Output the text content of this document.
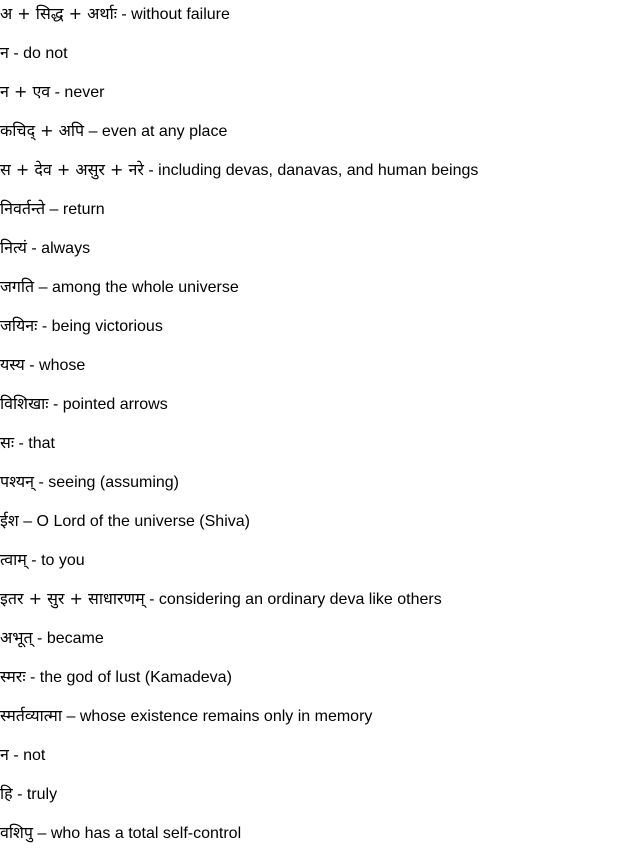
अ + सिद्ध + अर्थाः - without failure
न - do not
न + एव - never
कचिद् + अपि – even at any place
स + देव + असुर + नरे - including devas, danavas, and human beings
निवर्तन्ते – return
नित्यं - always
जगति – among the whole universe
जयिनः - being victorious
यस्य - whose
विशिखाः - pointed arrows
सः - that
पश्यन् - seeing (assuming)
ईश – O Lord of the universe (Shiva)
त्वाम् - to you
इतर + सुर + साधारणम् - considering an ordinary deva like others
अभूत् - became
स्मरः - the god of lust (Kamadeva)
स्मर्तव्यात्मा – whose existence remains only in memory
न - not
हि - truly
वशिपु – who has a total self-control
